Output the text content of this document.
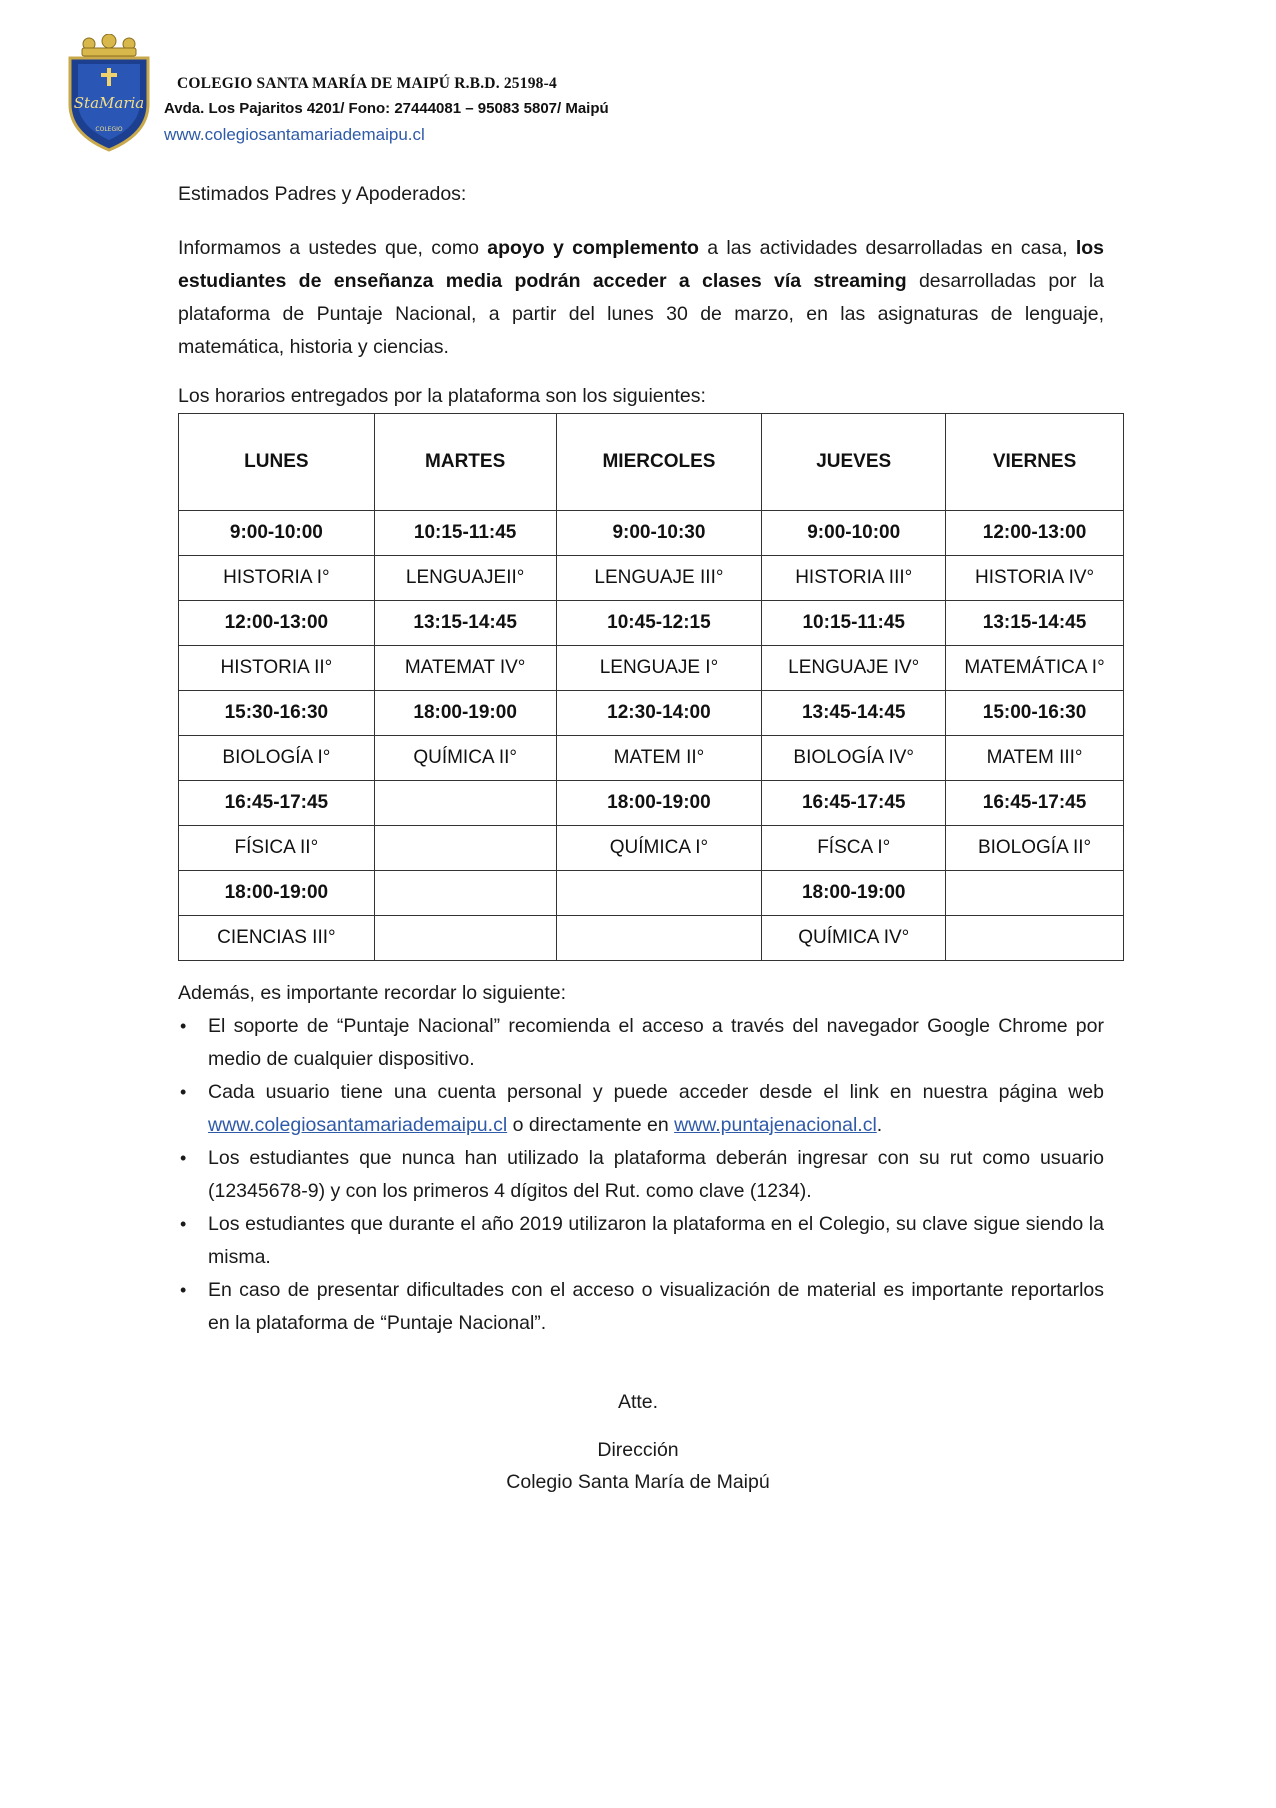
StaMaria
COLEGIO
COLEGIO SANTA MARÍA DE MAIPÚ R.B.D. 25198-4
Avda. Los Pajaritos 4201/ Fono: 27444081 – 95083 5807/ Maipú
www.colegiosantamariademaipu.cl
Estimados Padres y Apoderados:
Informamos a ustedes que, como apoyo y complemento a las actividades desarrolladas en casa, los estudiantes de enseñanza media podrán acceder a clases vía streaming desarrolladas por la plataforma de Puntaje Nacional, a partir del lunes 30 de marzo, en las asignaturas de lenguaje, matemática, historia y ciencias.
Los horarios entregados por la plataforma son los siguientes:
LUNES	MARTES	MIERCOLES	JUEVES	VIERNES
9:00-10:00	10:15-11:45	9:00-10:30	9:00-10:00	12:00-13:00
HISTORIA I°	LENGUAJEII°	LENGUAJE III°	HISTORIA III°	HISTORIA IV°
12:00-13:00	13:15-14:45	10:45-12:15	10:15-11:45	13:15-14:45
HISTORIA II°	MATEMAT IV°	LENGUAJE I°	LENGUAJE IV°	MATEMÁTICA I°
15:30-16:30	18:00-19:00	12:30-14:00	13:45-14:45	15:00-16:30
BIOLOGÍA I°	QUÍMICA II°	MATEM II°	BIOLOGÍA IV°	MATEM III°
16:45-17:45		18:00-19:00	16:45-17:45	16:45-17:45
FÍSICA II°		QUÍMICA I°	FÍSCA I°	BIOLOGÍA II°
18:00-19:00			18:00-19:00	
CIENCIAS III°			QUÍMICA IV°	
Además, es importante recordar lo siguiente:
• El soporte de “Puntaje Nacional” recomienda el acceso a través del navegador Google Chrome por medio de cualquier dispositivo.
• Cada usuario tiene una cuenta personal y puede acceder desde el link en nuestra página web www.colegiosantamariademaipu.cl o directamente en www.puntajenacional.cl.
• Los estudiantes que nunca han utilizado la plataforma deberán ingresar con su rut como usuario (12345678-9) y con los primeros 4 dígitos del Rut. como clave (1234).
• Los estudiantes que durante el año 2019 utilizaron la plataforma en el Colegio, su clave sigue siendo la misma.
• En caso de presentar dificultades con el acceso o visualización de material es importante reportarlos en la plataforma de “Puntaje Nacional”.
Atte.
Dirección
Colegio Santa María de Maipú
